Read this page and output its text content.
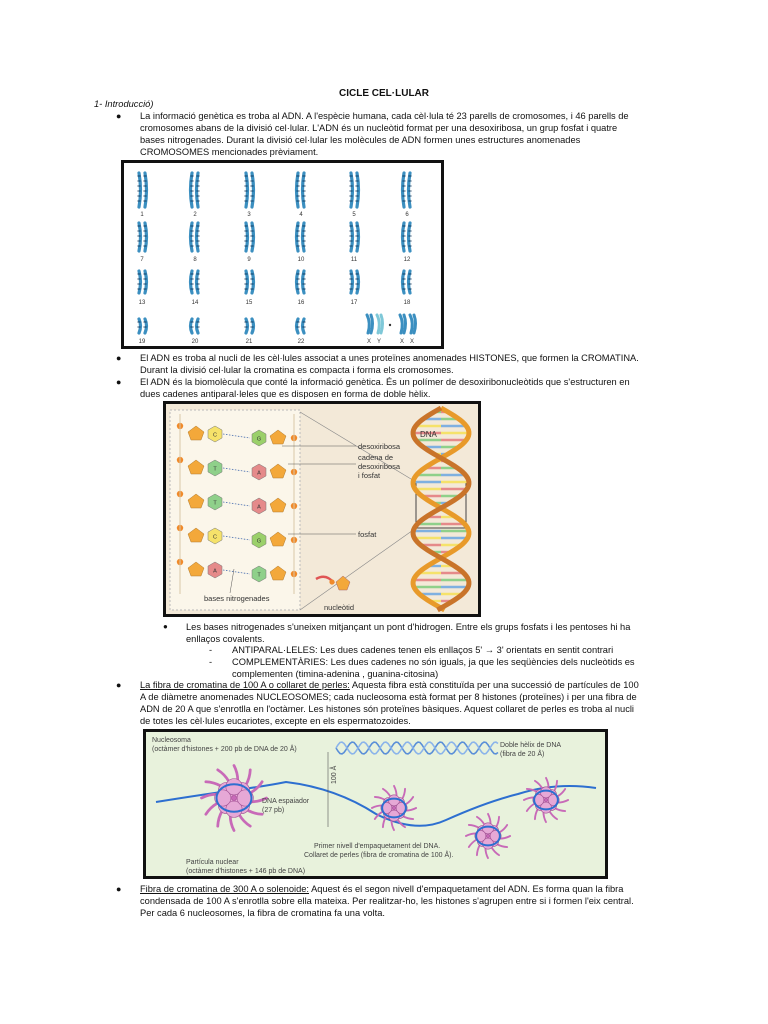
CICLE CEL·LULAR
1- Introducció)
● La informació genètica es troba al ADN. A l'espècie humana, cada cèl·lula té 23 parells de cromosomes, i 46 parells de
cromosomes abans de la divisió cel·lular. L'ADN és un nucleòtid format per una desoxiribosa, un grup fosfat i quatre
bases nitrogenades. Durant la divisió cel·lular les molècules de ADN formen unes estructures anomenades
CROMOSOMES mencionades prèviament.
1	2	3	4	5	6
7	8	9	10	11	12
13	14	15	16	17	18
19	20	21	22	X Y	X X
● El ADN es troba al nucli de les cèl·lules associat a unes proteïnes anomenades HISTONES, que formen la CROMATINA.
Durant la divisió cel·lular la cromatina es compacta i forma els cromosomes.
● El ADN és la biomolècula que conté la informació genètica. És un polímer de desoxiribonucleòtids que s'estructuren en
dues cadenes antiparal·leles que es disposen en forma de doble hèlix.
C
G
T
A
T
A
C
G
A
T
desoxiribosa
cadena de
desoxiribosa
i fosfat
fosfat
bases nitrogenades
nucleòtid
DNA
● Les bases nitrogenades s'uneixen mitjançant un pont d'hidrogen. Entre els grups fosfats i les pentoses hi ha
enllaços covalents.
- ANTIPARAL·LELES: Les dues cadenes tenen els enllaços 5' → 3' orientats en sentit contrari
- COMPLEMENTÀRIES: Les dues cadenes no són iguals, ja que les seqüències dels nucleòtids es
complementen (timina-adenina , guanina-citosina)
● La fibra de cromatina de 100 A o collaret de perles: Aquesta fibra està constituïda per una successió de partícules de 100
A de diàmetre anomenades NUCLEOSOMES; cada nucleosoma està format per 8 histones (proteïnes) i per una fibra de
ADN de 20 A que s'enrotlla en l'octàmer. Les histones són proteïnes bàsiques. Aquest collaret de perles es troba al nucli
de totes les cèl·lules eucariotes, excepte en els espermatozoides.
Nucleosoma
(octàmer d'histones + 200 pb de DNA de 20 Å)
Doble hèlix de DNA
(fibra de 20 Å)
100 Å
DNA espaiador
(27 pb)
Primer nivell d'empaquetament del DNA.
Collaret de perles (fibra de cromatina de 100 Å).
Partícula nuclear
(octàmer d'histones + 146 pb de DNA)
● Fibra de cromatina de 300 A o solenoide: Aquest és el segon nivell d'empaquetament del ADN. Es forma quan la fibra
condensada de 100 A s'enrotlla sobre ella mateixa. Per realitzar-ho, les histones s'agrupen entre si i formen l'eix central.
Per cada 6 nucleosomes, la fibra de cromatina fa una volta.
